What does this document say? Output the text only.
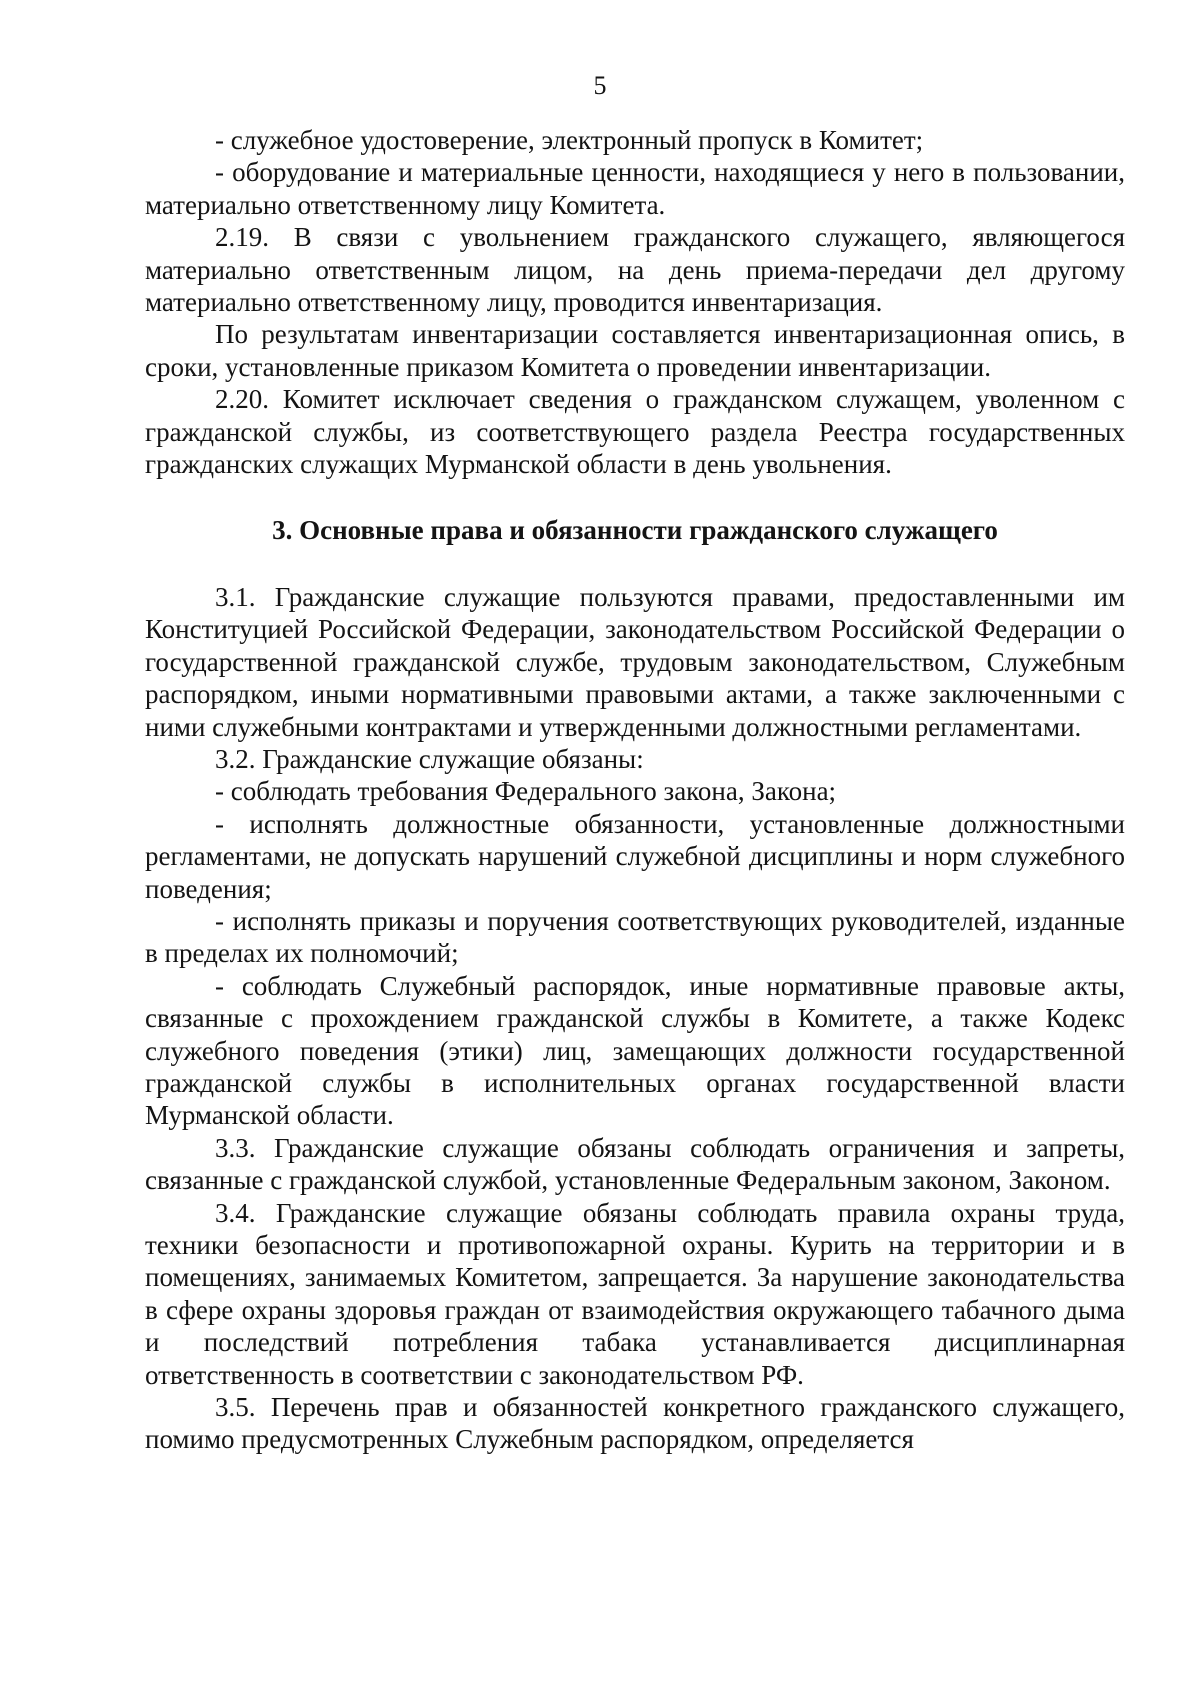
5

- служебное удостоверение, электронный пропуск в Комитет;

- оборудование и материальные ценности, находящиеся у него в пользовании, материально ответственному лицу Комитета.

2.19. В связи с увольнением гражданского служащего, являющегося материально ответственным лицом, на день приема-передачи дел другому материально ответственному лицу, проводится инвентаризация.

По результатам инвентаризации составляется инвентаризационная опись, в сроки, установленные приказом Комитета о проведении инвентаризации.

2.20. Комитет исключает сведения о гражданском служащем, уволенном с гражданской службы, из соответствующего раздела Реестра государственных гражданских служащих Мурманской области в день увольнения.

3. Основные права и обязанности гражданского служащего

3.1. Гражданские служащие пользуются правами, предоставленными им Конституцией Российской Федерации, законодательством Российской Федерации о государственной гражданской службе, трудовым законодательством, Служебным распорядком, иными нормативными правовыми актами, а также заключенными с ними служебными контрактами и утвержденными должностными регламентами.

3.2. Гражданские служащие обязаны:

- соблюдать требования Федерального закона, Закона;

- исполнять должностные обязанности, установленные должностными регламентами, не допускать нарушений служебной дисциплины и норм служебного поведения;

- исполнять приказы и поручения соответствующих руководителей, изданные в пределах их полномочий;

- соблюдать Служебный распорядок, иные нормативные правовые акты, связанные с прохождением гражданской службы в Комитете, а также Кодекс служебного поведения (этики) лиц, замещающих должности государственной гражданской службы в исполнительных органах государственной власти Мурманской области.

3.3. Гражданские служащие обязаны соблюдать ограничения и запреты, связанные с гражданской службой, установленные Федеральным законом, Законом.

3.4. Гражданские служащие обязаны соблюдать правила охраны труда, техники безопасности и противопожарной охраны. Курить на территории и в помещениях, занимаемых Комитетом, запрещается. За нарушение законодательства в сфере охраны здоровья граждан от взаимодействия окружающего табачного дыма и последствий потребления табака устанавливается дисциплинарная ответственность в соответствии с законодательством РФ.

3.5. Перечень прав и обязанностей конкретного гражданского служащего, помимо предусмотренных Служебным распорядком, определяется
